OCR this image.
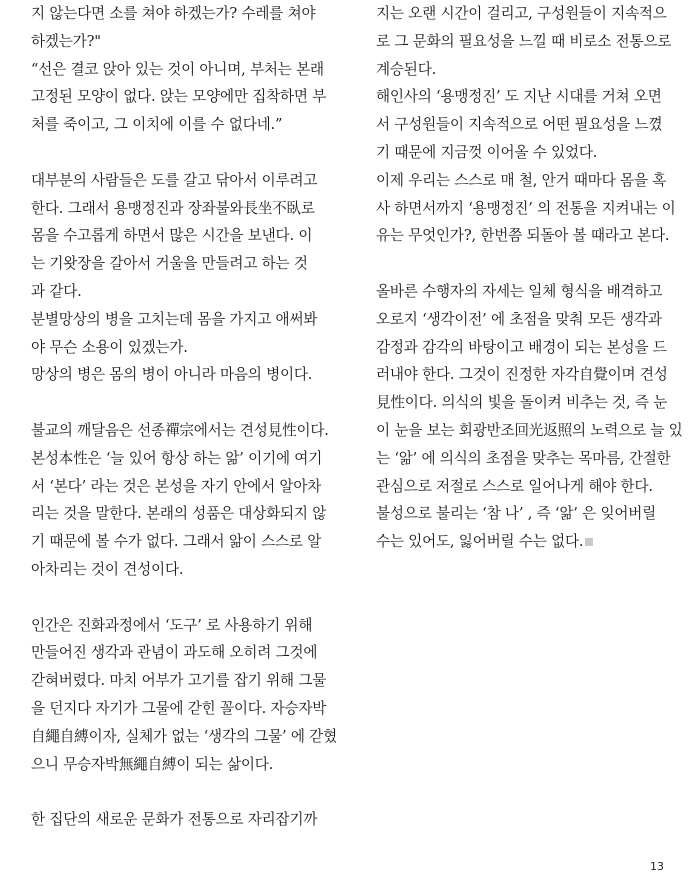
지 않는다면 소를 쳐야 하겠는가? 수레를 쳐야
하겠는가?"
“선은 결코 앉아 있는 것이 아니며, 부처는 본래
고정된 모양이 없다. 앉는 모양에만 집착하면 부
처를 죽이고, 그 이치에 이를 수 없다네.”
대부분의 사람들은 도를 갈고 닦아서 이루려고
한다. 그래서 용맹정진과 장좌불와長坐不臥로
몸을 수고롭게 하면서 많은 시간을 보낸다. 이
는 기왓장을 갈아서 거울을 만들려고 하는 것
과 같다.
분별망상의 병을 고치는데 몸을 가지고 애써봐
야 무슨 소용이 있겠는가.
망상의 병은 몸의 병이 아니라 마음의 병이다.
불교의 깨달음은 선종禪宗에서는 견성見性이다.
본성本性은 ‘늘 있어 항상 하는 앎’ 이기에 여기
서 ‘본다’ 라는 것은 본성을 자기 안에서 알아차
리는 것을 말한다. 본래의 성품은 대상화되지 않
기 때문에 볼 수가 없다. 그래서 앎이 스스로 알
아차리는 것이 견성이다.
인간은 진화과정에서 ‘도구’ 로 사용하기 위해
만들어진 생각과 관념이 과도해 오히려 그것에
갇혀버렸다. 마치 어부가 고기를 잡기 위해 그물
을 던지다 자기가 그물에 갇힌 꼴이다. 자승자박
自繩自縛이자, 실체가 없는 ‘생각의 그물’ 에 갇혔
으니 무승자박無繩自縛이 되는 삶이다.
한 집단의 새로운 문화가 전통으로 자리잡기까
지는 오랜 시간이 걸리고, 구성원들이 지속적으
로 그 문화의 필요성을 느낄 때 비로소 전통으로
계승된다.
해인사의 ‘용맹정진’ 도 지난 시대를 거쳐 오면
서 구성원들이 지속적으로 어떤 필요성을 느꼈
기 때문에 지금껏 이어올 수 있었다.
이제 우리는 스스로 매 철, 안거 때마다 몸을 혹
사 하면서까지 ‘용맹정진’ 의 전통을 지켜내는 이
유는 무엇인가?, 한번쯤 되돌아 볼 때라고 본다.
올바른 수행자의 자세는 일체 형식을 배격하고
오로지 ‘생각이전’ 에 초점을 맞춰 모든 생각과
감정과 감각의 바탕이고 배경이 되는 본성을 드
러내야 한다. 그것이 진정한 자각自覺이며 견성
見性이다. 의식의 빛을 돌이켜 비추는 것, 즉 눈
이 눈을 보는 회광반조回光返照의 노력으로 늘 있
는 ‘앎’ 에 의식의 초점을 맞추는 목마름, 간절한
관심으로 저절로 스스로 일어나게 해야 한다.
불성으로 불리는 ‘참 나’ , 즉 ‘앎’ 은 잊어버릴
수는 있어도, 잃어버릴 수는 없다.
13
